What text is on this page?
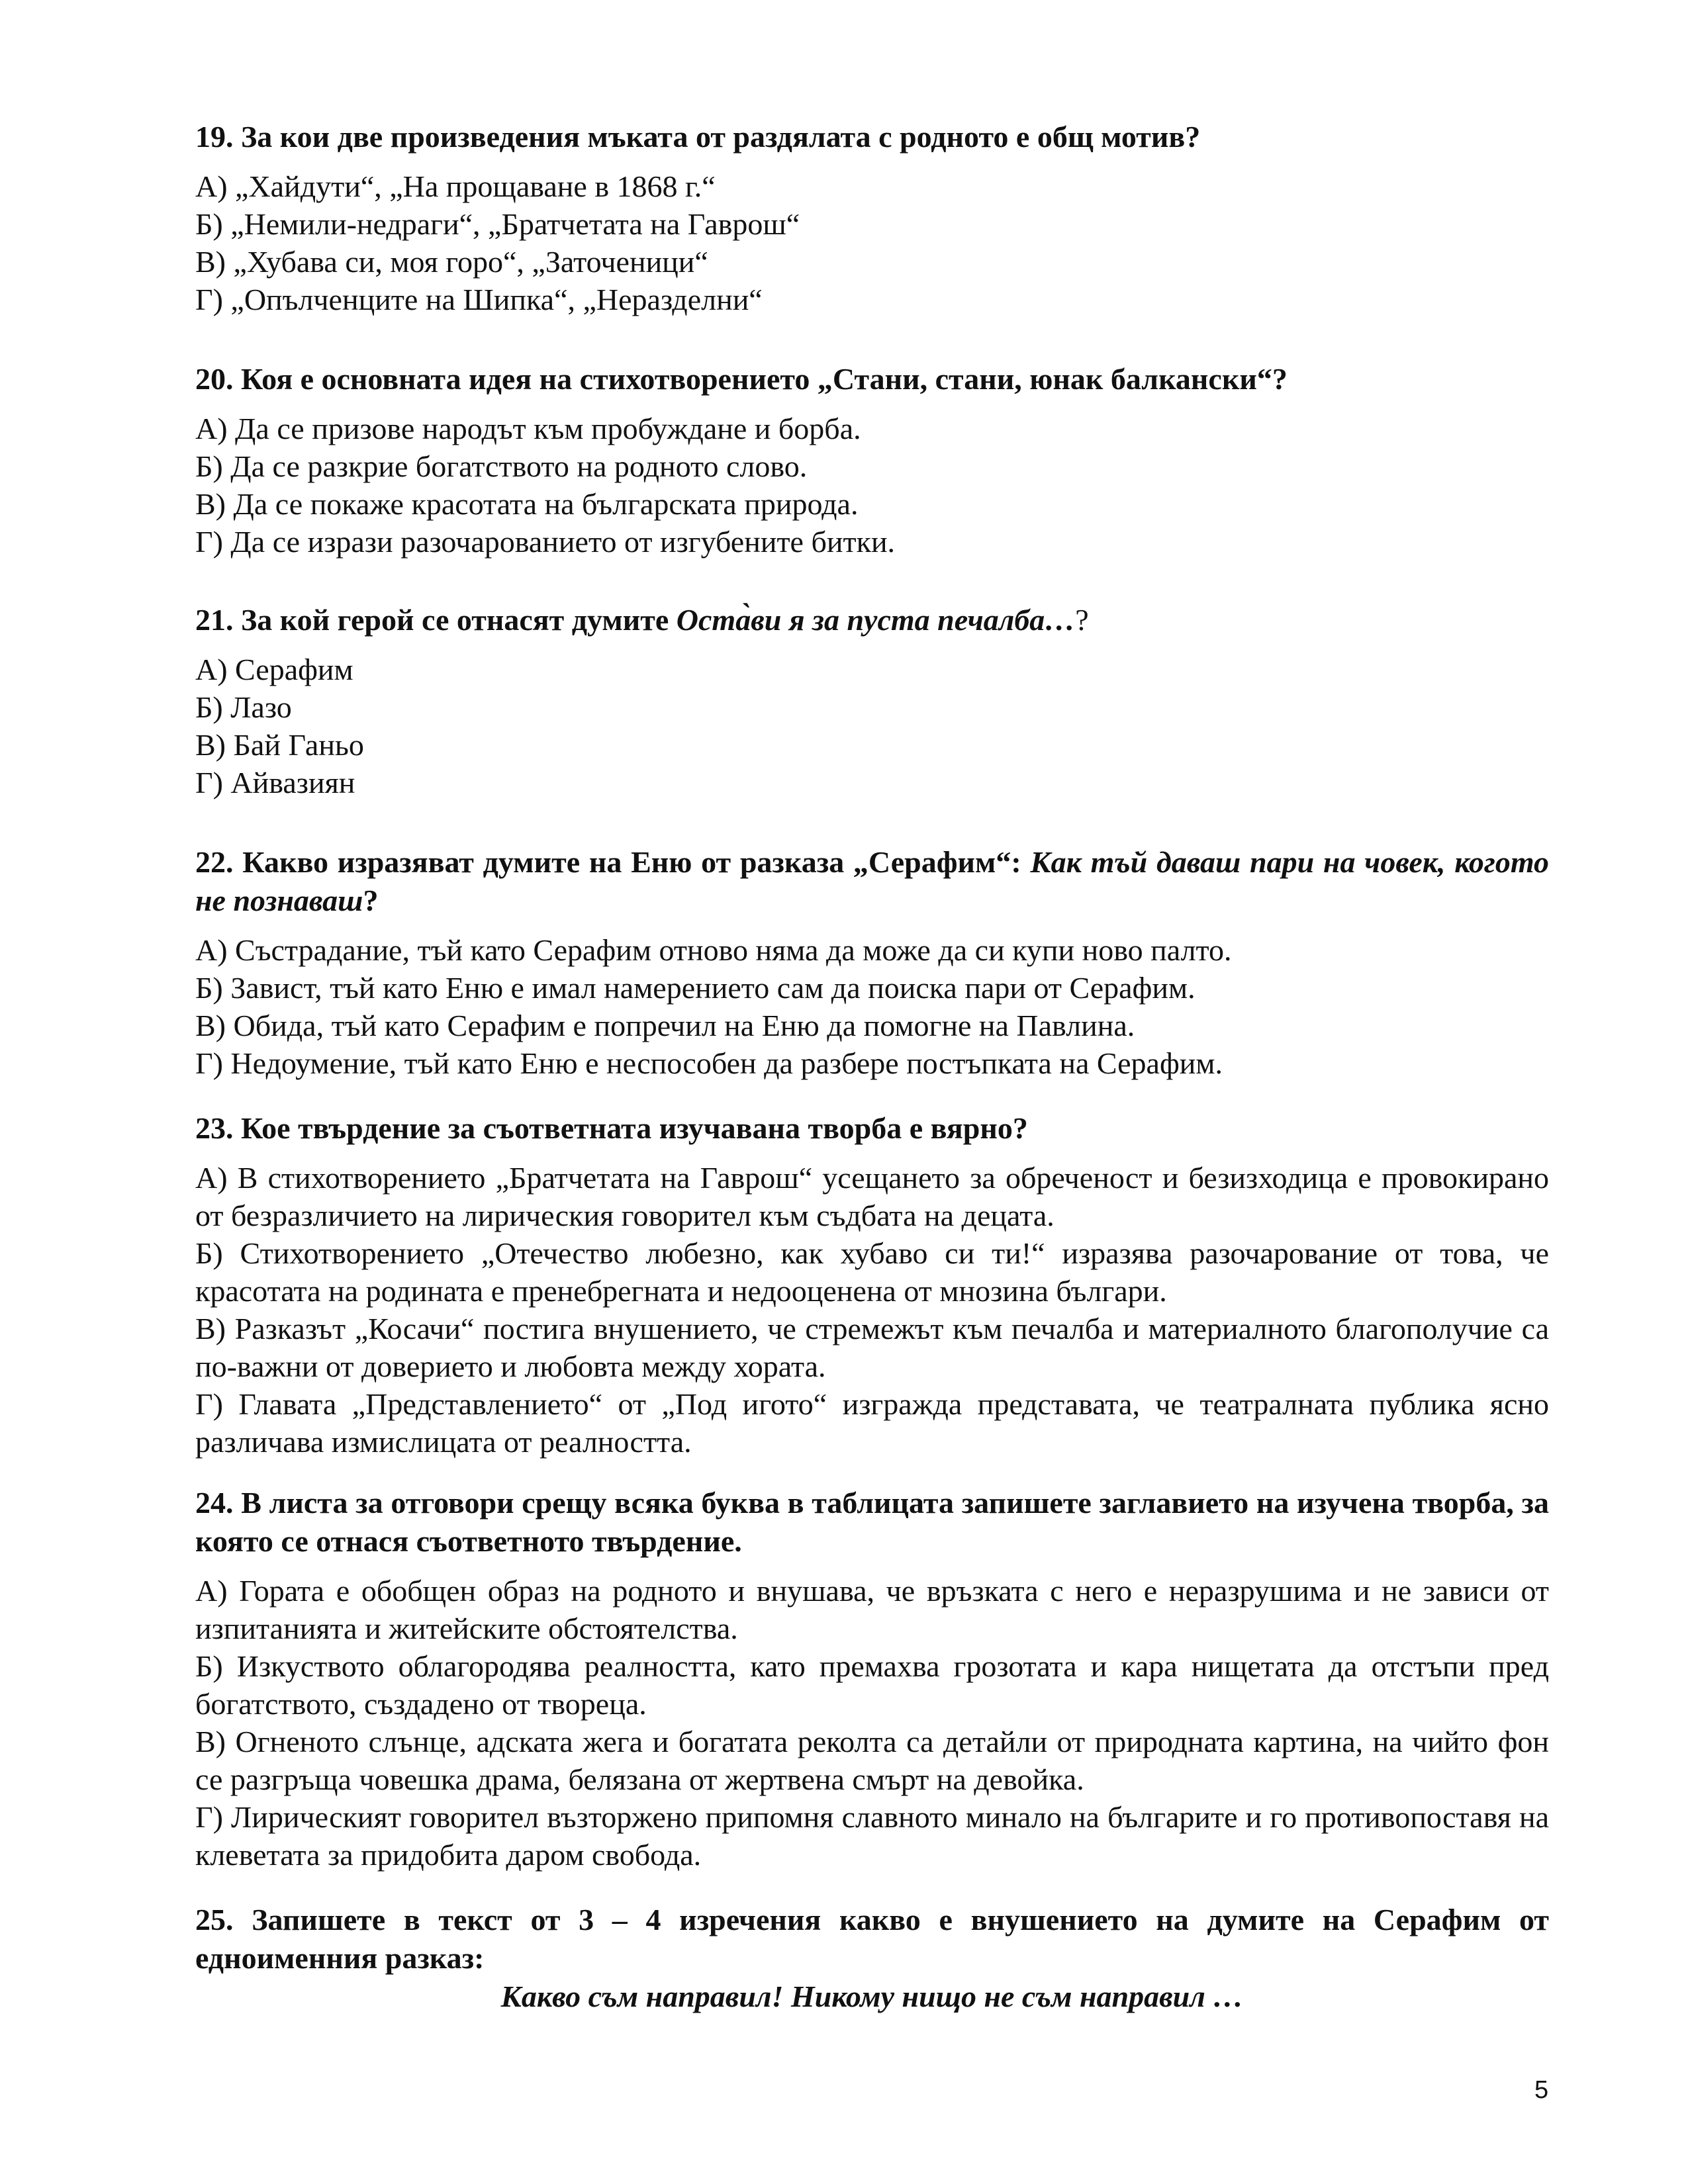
19. За кои две произведения мъката от раздялата с родното е общ мотив?
А) „Хайдути“, „На прощаване в 1868 г.“
Б) „Немили-недраги“, „Братчетата на Гаврош“
В) „Хубава си, моя горо“, „Заточеници“
Г) „Опълченците на Шипка“, „Неразделни“
20. Коя е основната идея на стихотворението „Стани, стани, юнак балкански“?
А) Да се призове народът към пробуждане и борба.
Б) Да се разкрие богатството на родното слово.
В) Да се покаже красотата на българската природа.
Г) Да се изрази разочарованието от изгубените битки.
21. За кой герой се отнасят думите Оста̀ви я за пуста печалба…?
А) Серафим
Б) Лазо
В) Бай Ганьо
Г) Айвазиян
22. Какво изразяват думите на Еню от разказа „Серафим“: Как тъй даваш пари на човек, когото не познаваш?
А) Състрадание, тъй като Серафим отново няма да може да си купи ново палто.
Б) Завист, тъй като Еню е имал намерението сам да поиска пари от Серафим.
В) Обида, тъй като Серафим е попречил на Еню да помогне на Павлина.
Г) Недоумение, тъй като Еню е неспособен да разбере постъпката на Серафим.
23. Кое твърдение за съответната изучавана творба е вярно?
А) В стихотворението „Братчетата на Гаврош“ усещането за обреченост и безизходица е провокирано от безразличието на лирическия говорител към съдбата на децата.
Б) Стихотворението „Отечество любезно, как хубаво си ти!“ изразява разочарование от това, че красотата на родината е пренебрегната и недооценена от мнозина българи.
В) Разказът „Косачи“ постига внушението, че стремежът към печалба и материалното благополучие са по-важни от доверието и любовта между хората.
Г) Главата „Представлението“ от „Под игото“ изгражда представата, че театралната публика ясно различава измислицата от реалността.
24. В листа за отговори срещу всяка буква в таблицата запишете заглавието на изучена творба, за която се отнася съответното твърдение.
А) Гората е обобщен образ на родното и внушава, че връзката с него е неразрушима и не зависи от изпитанията и житейските обстоятелства.
Б) Изкуството облагородява реалността, като премахва грозотата и кара нищетата да отстъпи пред богатството, създадено от твореца.
В) Огненото слънце, адската жега и богатата реколта са детайли от природната картина, на чийто фон се разгръща човешка драма, белязана от жертвена смърт на девойка.
Г) Лирическият говорител възторжено припомня славното минало на българите и го противопоставя на клеветата за придобита даром свобода.
25. Запишете в текст от 3 – 4 изречения какво е внушението на думите на Серафим от едноименния разказ:
Какво съм направил! Никому нищо не съм направил …
5
